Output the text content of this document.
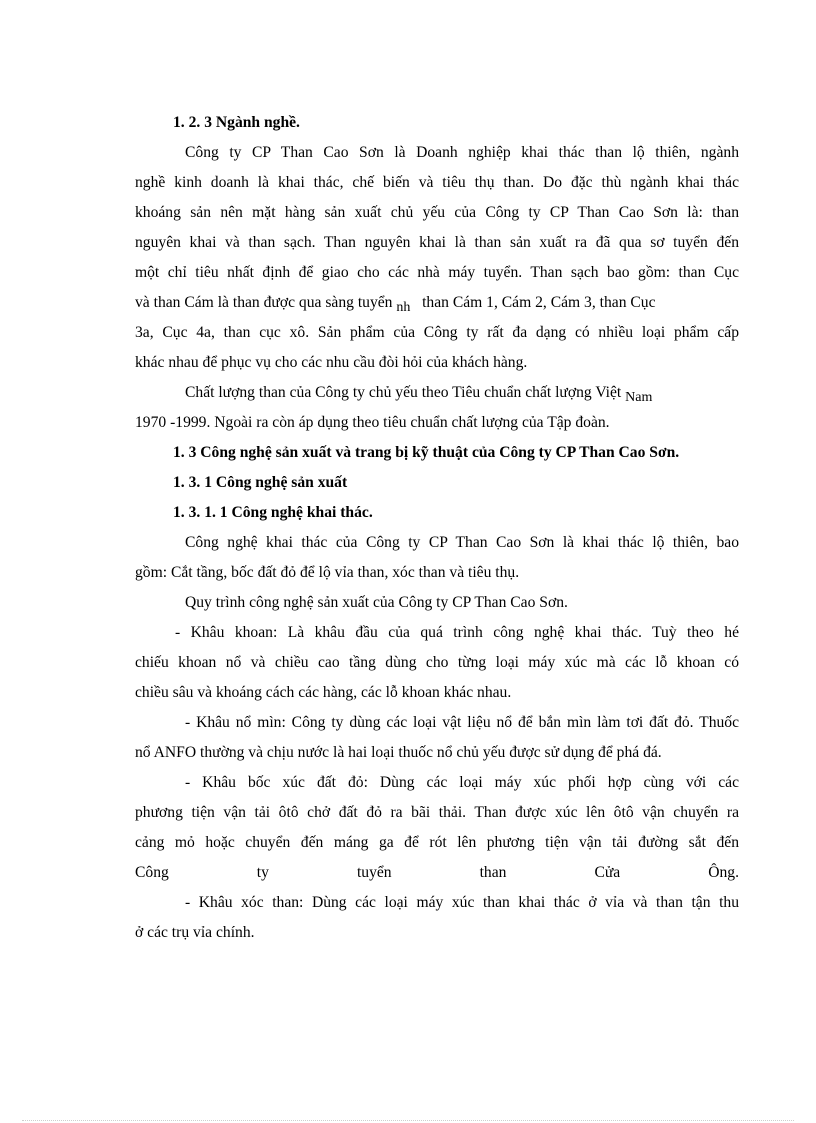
1. 2. 3 Ngành nghề.
Công ty CP Than Cao Sơn là Doanh nghiệp khai thác than lộ thiên, ngành
nghề kinh doanh là khai thác, chế biến và tiêu thụ than. Do đặc thù ngành khai thác
khoáng sản nên mặt hàng sản xuất chủ yếu của Công ty CP Than Cao Sơn là: than
nguyên khai và than sạch. Than nguyên khai là than sản xuất ra đã qua sơ tuyển đến
một chỉ tiêu nhất định để giao cho các nhà máy tuyển. Than sạch bao gồm: than Cục
và than Cám là than được qua sàng tuyển nh than Cám 1, Cám 2, Cám 3, than Cục
3a, Cục 4a, than cục xô. Sản phẩm của Công ty rất đa dạng có nhiều loại phẩm cấp
khác nhau để phục vụ cho các nhu cầu đòi hỏi của khách hàng.
Chất lượng than của Công ty chủ yếu theo Tiêu chuẩn chất lượng Việt Nam
1970 -1999. Ngoài ra còn áp dụng theo tiêu chuẩn chất lượng của Tập đoàn.
1. 3 Công nghệ sản xuất và trang bị kỹ thuật của Công ty CP Than Cao Sơn.
1. 3. 1 Công nghệ sản xuất
1. 3. 1. 1 Công nghệ khai thác.
Công nghệ khai thác của Công ty CP Than Cao Sơn là khai thác lộ thiên, bao
gồm: Cắt tầng, bốc đất đỏ để lộ vỉa than, xóc than và tiêu thụ.
Quy trình công nghệ sản xuất của Công ty CP Than Cao Sơn.
- Khâu khoan: Là khâu đầu của quá trình công nghệ khai thác. Tuỳ theo hé
chiếu khoan nổ và chiều cao tầng dùng cho từng loại máy xúc mà các lỗ khoan có
chiều sâu và khoáng cách các hàng, các lỗ khoan khác nhau.
- Khâu nổ mìn: Công ty dùng các loại vật liệu nổ để bắn mìn làm tơi đất đỏ. Thuốc
nổ ANFO thường và chịu nước là hai loại thuốc nổ chủ yếu được sử dụng để phá đá.
- Khâu bốc xúc đất đỏ: Dùng các loại máy xúc phối hợp cùng với các
phương tiện vận tải ôtô chở đất đỏ ra bãi thải. Than được xúc lên ôtô vận chuyển ra
cảng mỏ hoặc chuyển đến máng ga để rót lên phương tiện vận tải đường sắt đến
Công ty tuyển than Cửa Ông.
- Khâu xóc than: Dùng các loại máy xúc than khai thác ở vỉa và than tận thu
ở các trụ vỉa chính.
